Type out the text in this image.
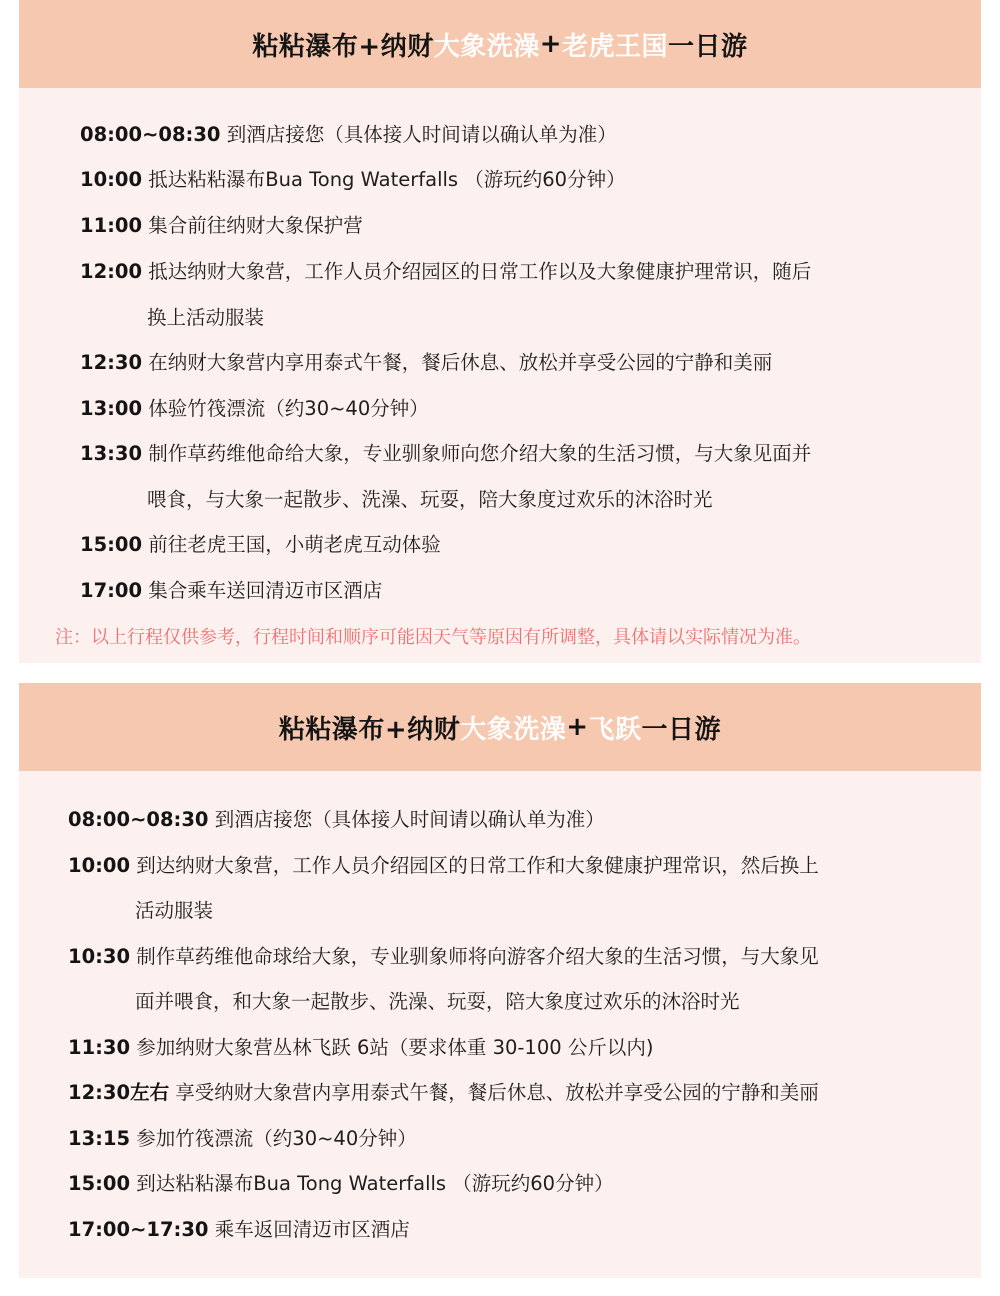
粘粘瀑布+纳财 大象洗澡 + 老虎王国 一日游
08:00~08:30 到酒店接您（具体接人时间请以确认单为准）
10:00 抵达粘粘瀑布Bua Tong Waterfalls （游玩约60分钟）
11:00 集合前往纳财大象保护营
12:00 抵达纳财大象营，工作人员介绍园区的日常工作以及大象健康护理常识，随后
换上活动服装
12:30 在纳财大象营内享用泰式午餐，餐后休息、放松并享受公园的宁静和美丽
13:00 体验竹筏漂流（约30~40分钟）
13:30 制作草药维他命给大象，专业驯象师向您介绍大象的生活习惯，与大象见面并
喂食，与大象一起散步、洗澡、玩耍，陪大象度过欢乐的沐浴时光
15:00 前往老虎王国，小萌老虎互动体验
17:00 集合乘车送回清迈市区酒店
注：以上行程仅供参考，行程时间和顺序可能因天气等原因有所调整，具体请以实际情况为准。
粘粘瀑布+纳财 大象洗澡 + 飞跃 一日游
08:00~08:30 到酒店接您（具体接人时间请以确认单为准）
10:00 到达纳财大象营，工作人员介绍园区的日常工作和大象健康护理常识，然后换上
活动服装
10:30 制作草药维他命球给大象，专业驯象师将向游客介绍大象的生活习惯，与大象见
面并喂食，和大象一起散步、洗澡、玩耍，陪大象度过欢乐的沐浴时光
11:30 参加纳财大象营丛林飞跃 6站（要求体重 30-100 公斤以内)
12:30左右 享受纳财大象营内享用泰式午餐，餐后休息、放松并享受公园的宁静和美丽
13:15 参加竹筏漂流（约30~40分钟）
15:00 到达粘粘瀑布Bua Tong Waterfalls （游玩约60分钟）
17:00~17:30 乘车返回清迈市区酒店
